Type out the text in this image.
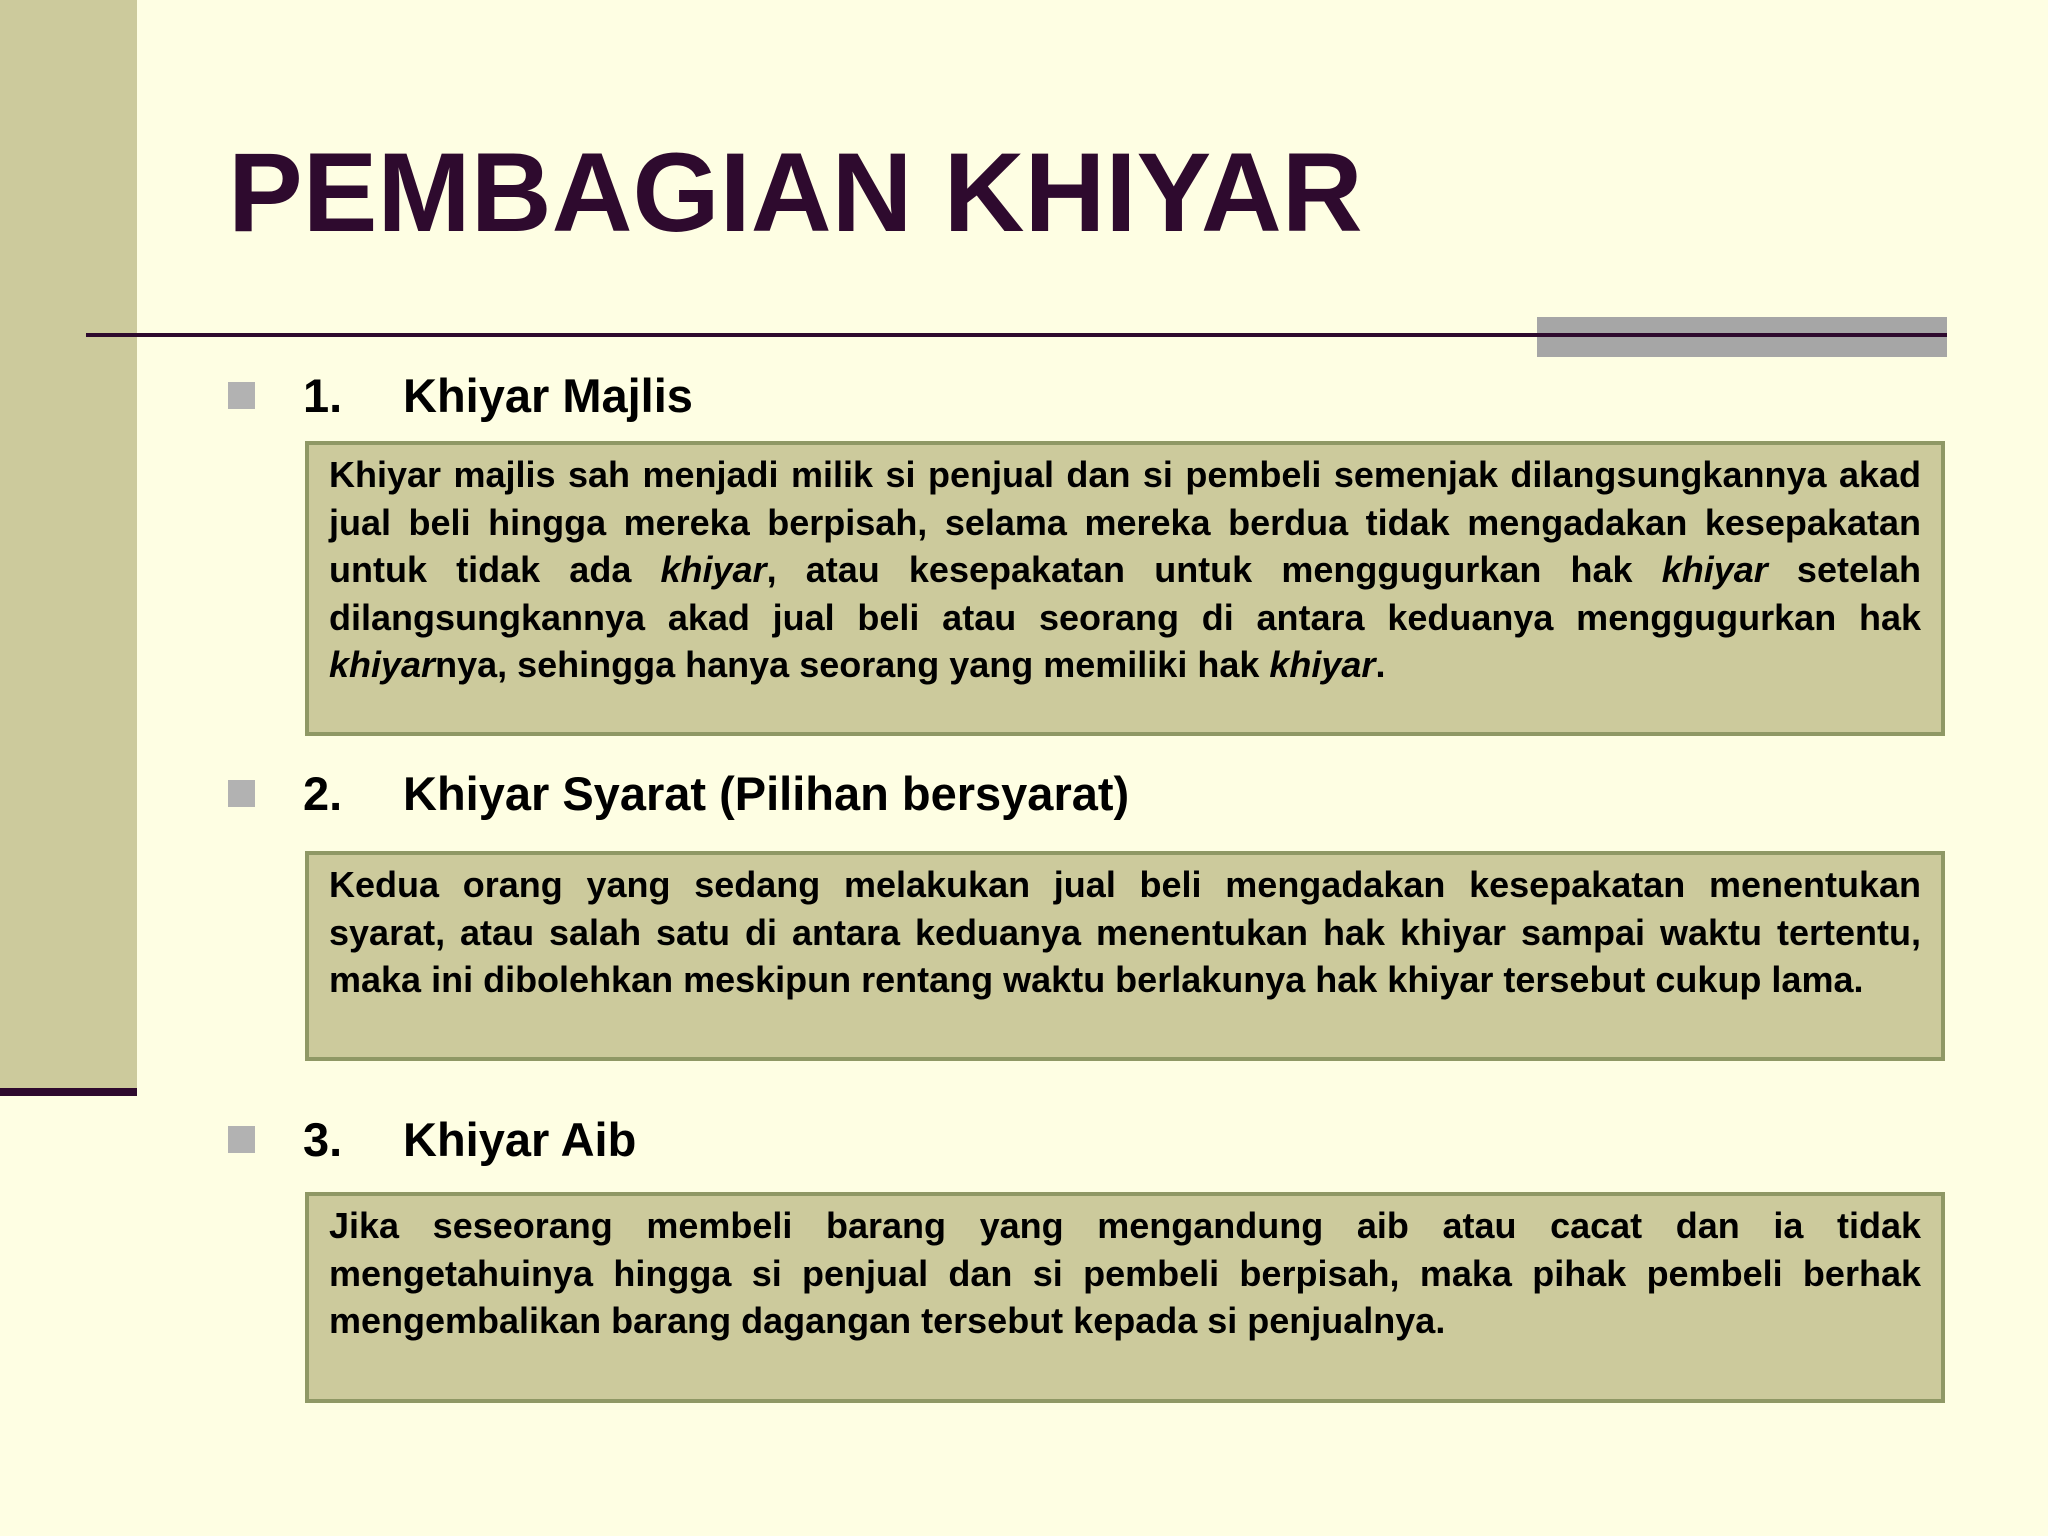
PEMBAGIAN KHIYAR
1. Khiyar Majlis
Khiyar majlis sah menjadi milik si penjual dan si pembeli semenjak dilangsungkannya akad jual beli hingga mereka berpisah, selama mereka berdua tidak mengadakan kesepakatan untuk tidak ada khiyar, atau kesepakatan untuk menggugurkan hak khiyar setelah dilangsungkannya akad jual beli atau seorang di antara keduanya menggugurkan hak khiyarnya, sehingga hanya seorang yang memiliki hak khiyar.
2. Khiyar Syarat (Pilihan bersyarat)
Kedua orang yang sedang melakukan jual beli mengadakan kesepakatan menentukan syarat, atau salah satu di antara keduanya menentukan hak khiyar sampai waktu tertentu, maka ini dibolehkan meskipun rentang waktu berlakunya hak khiyar tersebut cukup lama.
3. Khiyar Aib
Jika seseorang membeli barang yang mengandung aib atau cacat dan ia tidak mengetahuinya hingga si penjual dan si pembeli berpisah, maka pihak pembeli berhak mengembalikan barang dagangan tersebut kepada si penjualnya.
